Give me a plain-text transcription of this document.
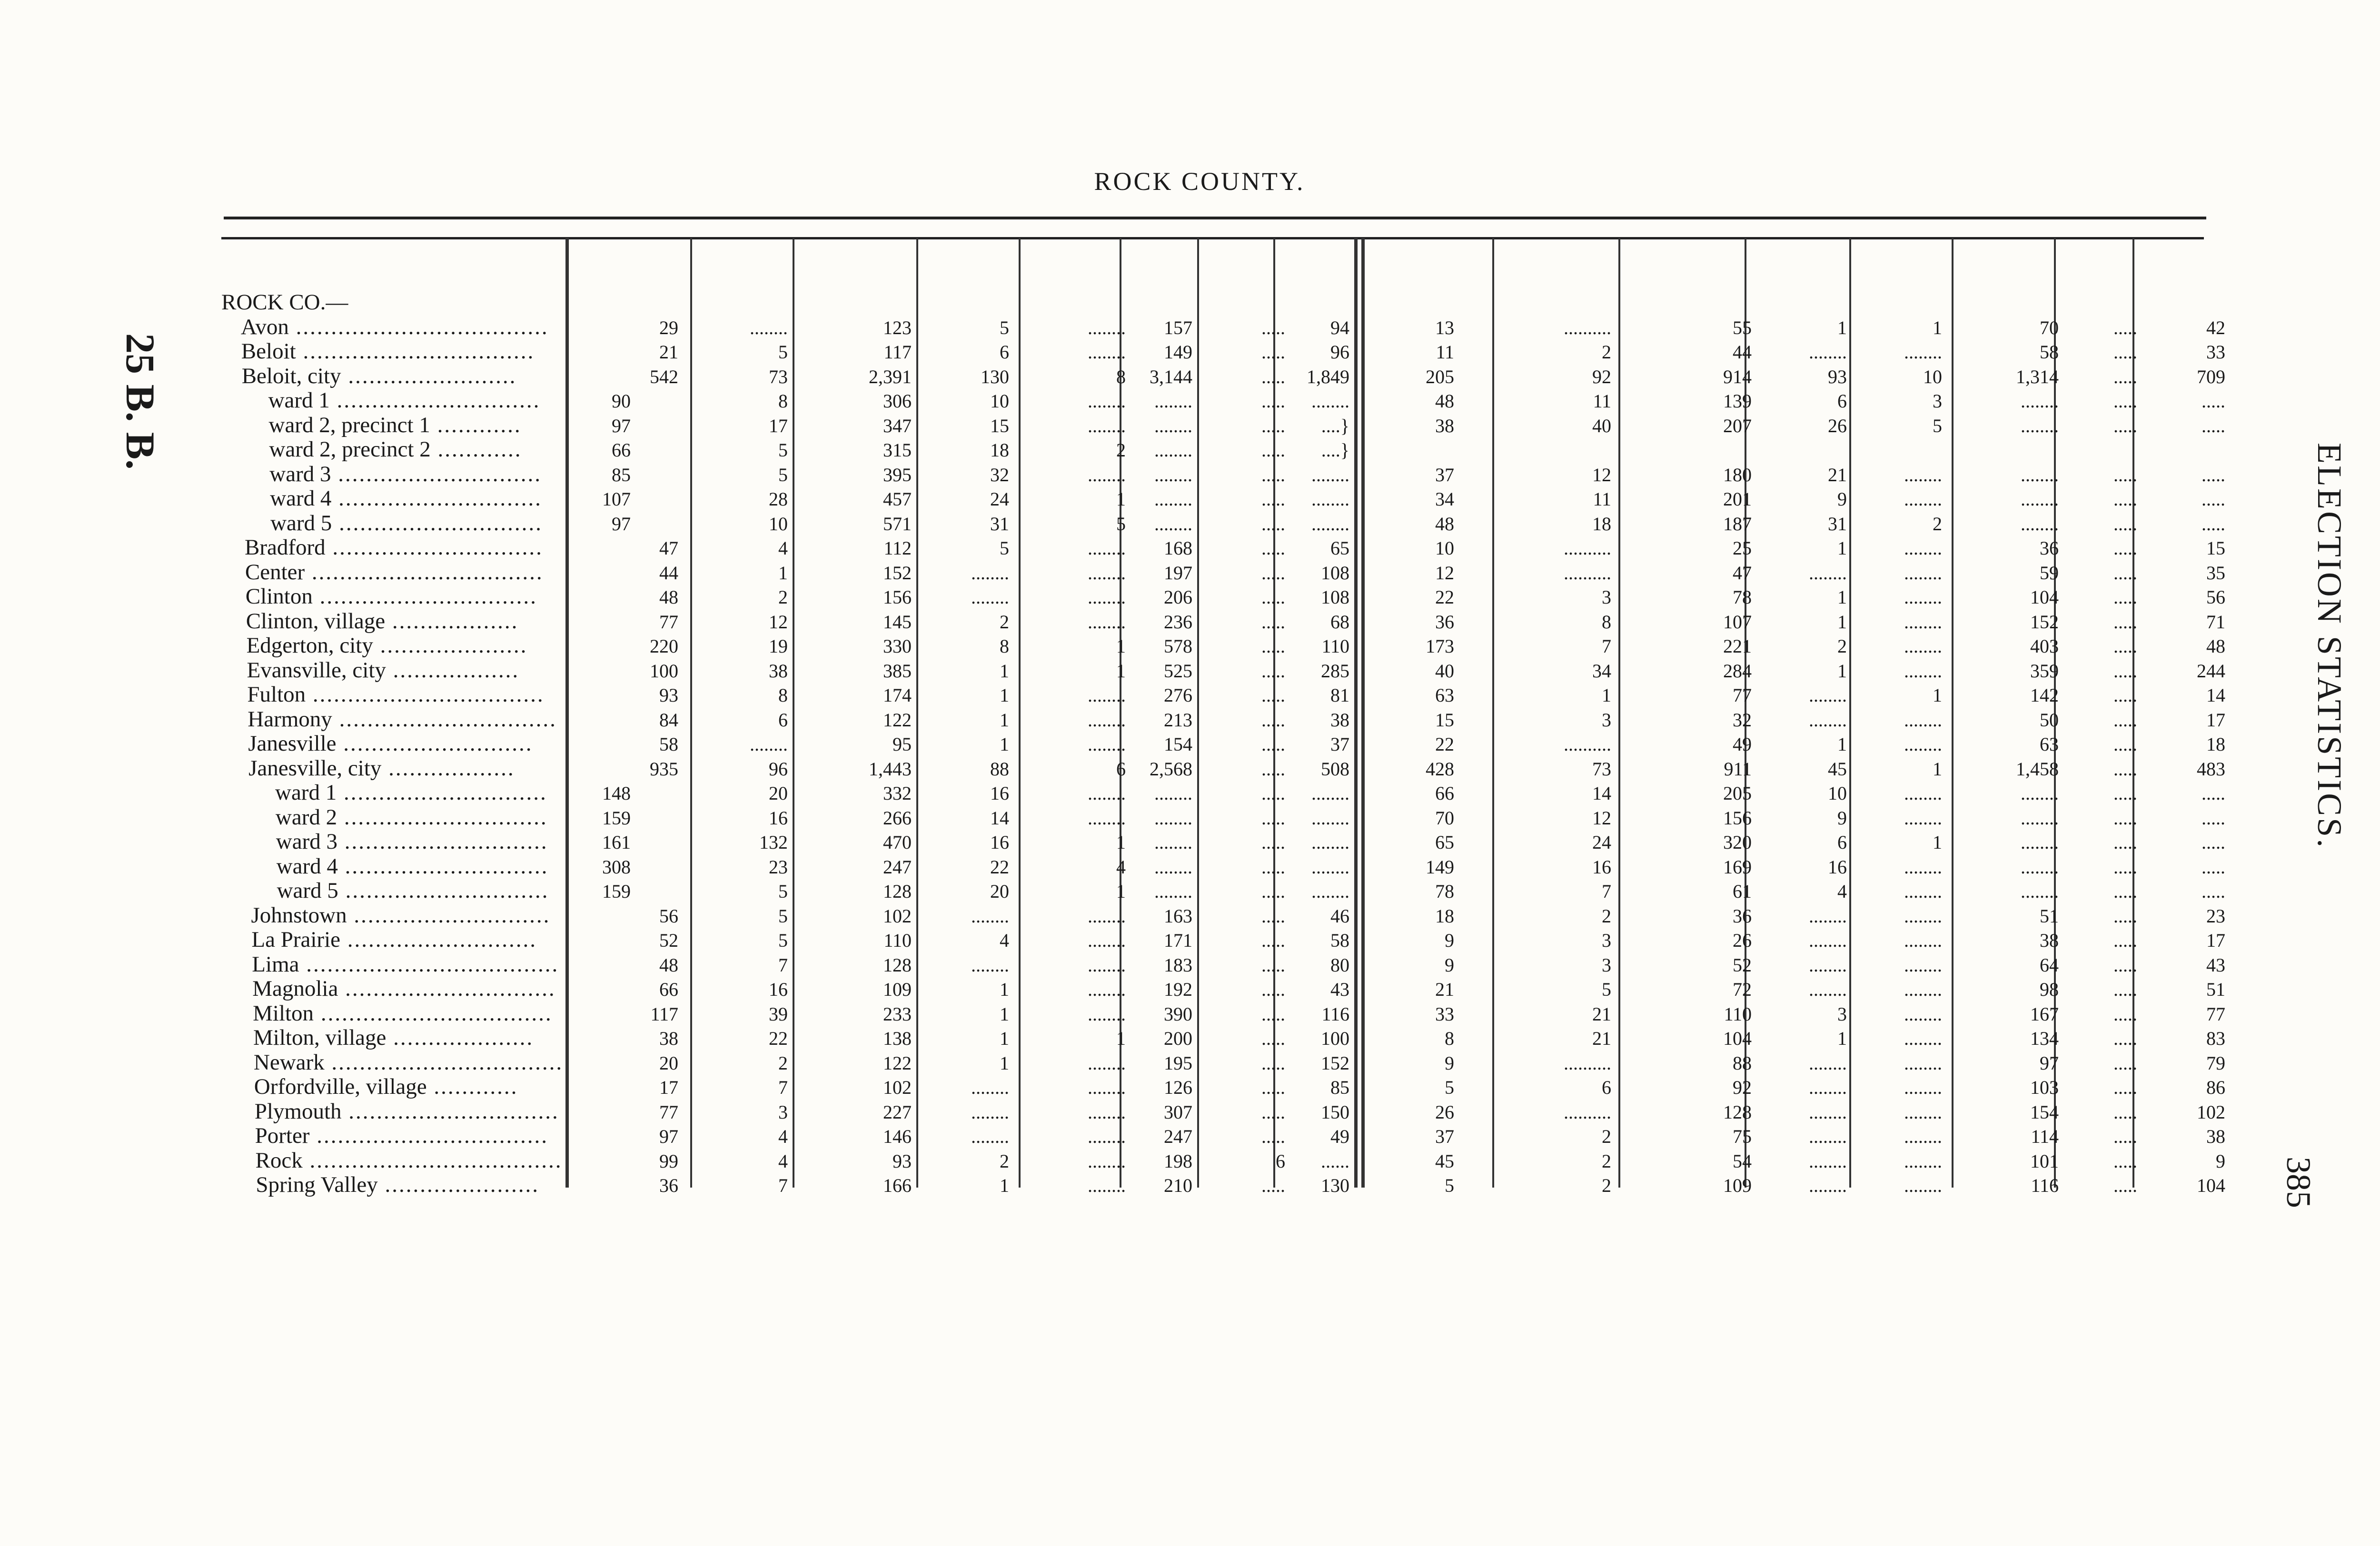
ROCK COUNTY.
25 B. B.
ELECTION STATISTICS.
385
ROCK CO.—
Avon ....................................	29	........	123	5	........ 157	..... 94	13	..........	55	1	1	70	.....	42
Beloit .................................	21	5	117	6	........ 149	..... 96	11	2	44	........	........	58	.....	33
Beloit, city ........................	542	73	2,391	130	8 3,144	..... 1,849	205	92	914	93	10	1,314	.....	709
ward 1 .............................	90	8	306	10	........ ........	..... ........	48	11	139	6	3	........	.....	.....
ward 2, precinct 1 ............	97	17	347	15	........ ........	..... ....}	38	40	207	26	5	........	.....	.....
ward 2, precinct 2 ............	66	5	315	18	2 ........	..... ....}
ward 3 .............................	85	5	395	32	........ ........	..... ........	37	12	180	21	........	........	.....	.....
ward 4 .............................	107	28	457	24	1 ........	..... ........	34	11	201	9	........	........	.....	.....
ward 5 .............................	97	10	571	31	5 ........	..... ........	48	18	187	31	2	........	.....	.....
Bradford ..............................	47	4	112	5	........ 168	..... 65	10	..........	25	1	........	36	.....	15
Center .................................	44	1	152	........	........ 197	..... 108	12	..........	47	........	........	59	.....	35
Clinton ...............................	48	2	156	........	........ 206	..... 108	22	3	78	1	........	104	.....	56
Clinton, village ..................	77	12	145	2	........ 236	..... 68	36	8	107	1	........	152	.....	71
Edgerton, city .....................	220	19	330	8	1 578	..... 110	173	7	221	2	........	403	.....	48
Evansville, city ..................	100	38	385	1	1 525	..... 285	40	34	284	1	........	359	.....	244
Fulton .................................	93	8	174	1	........ 276	..... 81	63	1	77	........	1	142	.....	14
Harmony ...............................	84	6	122	1	........ 213	..... 38	15	3	32	........	........	50	.....	17
Janesville ...........................	58	........	95	1	........ 154	..... 37	22	..........	49	1	........	63	.....	18
Janesville, city ..................	935	96	1,443	88	6 2,568	..... 508	428	73	911	45	1	1,458	.....	483
ward 1 .............................	148	20	332	16	........ ........	..... ........	66	14	205	10	........	........	.....	.....
ward 2 .............................	159	16	266	14	........ ........	..... ........	70	12	156	9	........	........	.....	.....
ward 3 .............................	161	132	470	16	1 ........	..... ........	65	24	320	6	1	........	.....	.....
ward 4 .............................	308	23	247	22	4 ........	..... ........	149	16	169	16	........	........	.....	.....
ward 5 .............................	159	5	128	20	1 ........	..... ........	78	7	61	4	........	........	.....	.....
Johnstown ............................	56	5	102	........	........ 163	..... 46	18	2	36	........	........	51	.....	23
La Prairie ...........................	52	5	110	4	........ 171	..... 58	9	3	26	........	........	38	.....	17
Lima ....................................	48	7	128	........	........ 183	..... 80	9	3	52	........	........	64	.....	43
Magnolia ..............................	66	16	109	1	........ 192	..... 43	21	5	72	........	........	98	.....	51
Milton .................................	117	39	233	1	........ 390	..... 116	33	21	110	3	........	167	.....	77
Milton, village ....................	38	22	138	1	1 200	..... 100	8	21	104	1	........	134	.....	83
Newark .................................	20	2	122	1	........ 195	..... 152	9	..........	88	........	........	97	.....	79
Orfordville, village ............	17	7	102	........	........ 126	..... 85	5	6	92	........	........	103	.....	86
Plymouth ..............................	77	3	227	........	........ 307	..... 150	26	..........	128	........	........	154	.....	102
Porter .................................	97	4	146	........	........ 247	..... 49	37	2	75	........	........	114	.....	38
Rock ....................................	99	4	93	2	........ 198	6 ......	45	2	54	........	........	101	.....	9
Spring Valley ......................	36	7	166	1	........ 210	..... 130	5	2	109	........	........	116	.....	104
